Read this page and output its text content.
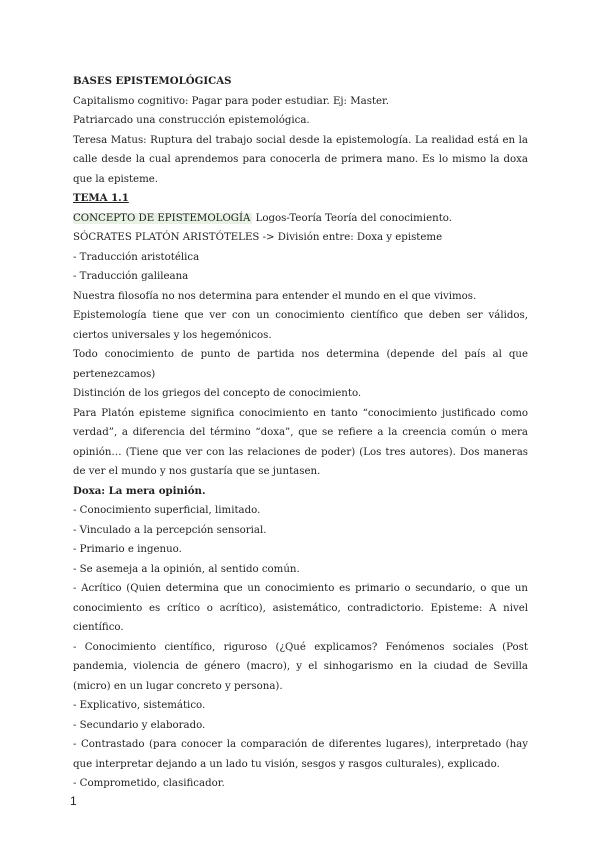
BASES EPISTEMOLÓGICAS

Capitalismo cognitivo: Pagar para poder estudiar. Ej: Master.

Patriarcado una construcción epistemológica.

Teresa Matus: Ruptura del trabajo social desde la epistemología. La realidad está en la calle desde la cual aprendemos para conocerla de primera mano. Es lo mismo la doxa que la episteme.

TEMA 1.1

CONCEPTO DE EPISTEMOLOGÍA Logos-Teoría Teoría del conocimiento.

SÓCRATES PLATÓN ARISTÓTELES -> División entre: Doxa y episteme

- Traducción aristotélica

- Traducción galileana

Nuestra filosofía no nos determina para entender el mundo en el que vivimos.

Epistemología tiene que ver con un conocimiento científico que deben ser válidos, ciertos universales y los hegemónicos.

Todo conocimiento de punto de partida nos determina (depende del país al que pertenezcamos)

Distinción de los griegos del concepto de conocimiento.

Para Platón episteme significa conocimiento en tanto “conocimiento justificado como verdad”, a diferencia del término “doxa”, que se refiere a la creencia común o mera opinión… (Tiene que ver con las relaciones de poder) (Los tres autores). Dos maneras de ver el mundo y nos gustaría que se juntasen.

Doxa: La mera opinión.

- Conocimiento superficial, limitado.

- Vinculado a la percepción sensorial.

- Primario e ingenuo.

- Se asemeja a la opinión, al sentido común.

- Acrítico (Quien determina que un conocimiento es primario o secundario, o que un conocimiento es crítico o acrítico), asistemático, contradictorio. Episteme: A nivel científico.

- Conocimiento científico, riguroso (¿Qué explicamos? Fenómenos sociales (Post pandemia, violencia de género (macro), y el sinhogarismo en la ciudad de Sevilla (micro) en un lugar concreto y persona).

- Explicativo, sistemático.

- Secundario y elaborado.

- Contrastado (para conocer la comparación de diferentes lugares), interpretado (hay que interpretar dejando a un lado tu visión, sesgos y rasgos culturales), explicado.

- Comprometido, clasificador.

1
